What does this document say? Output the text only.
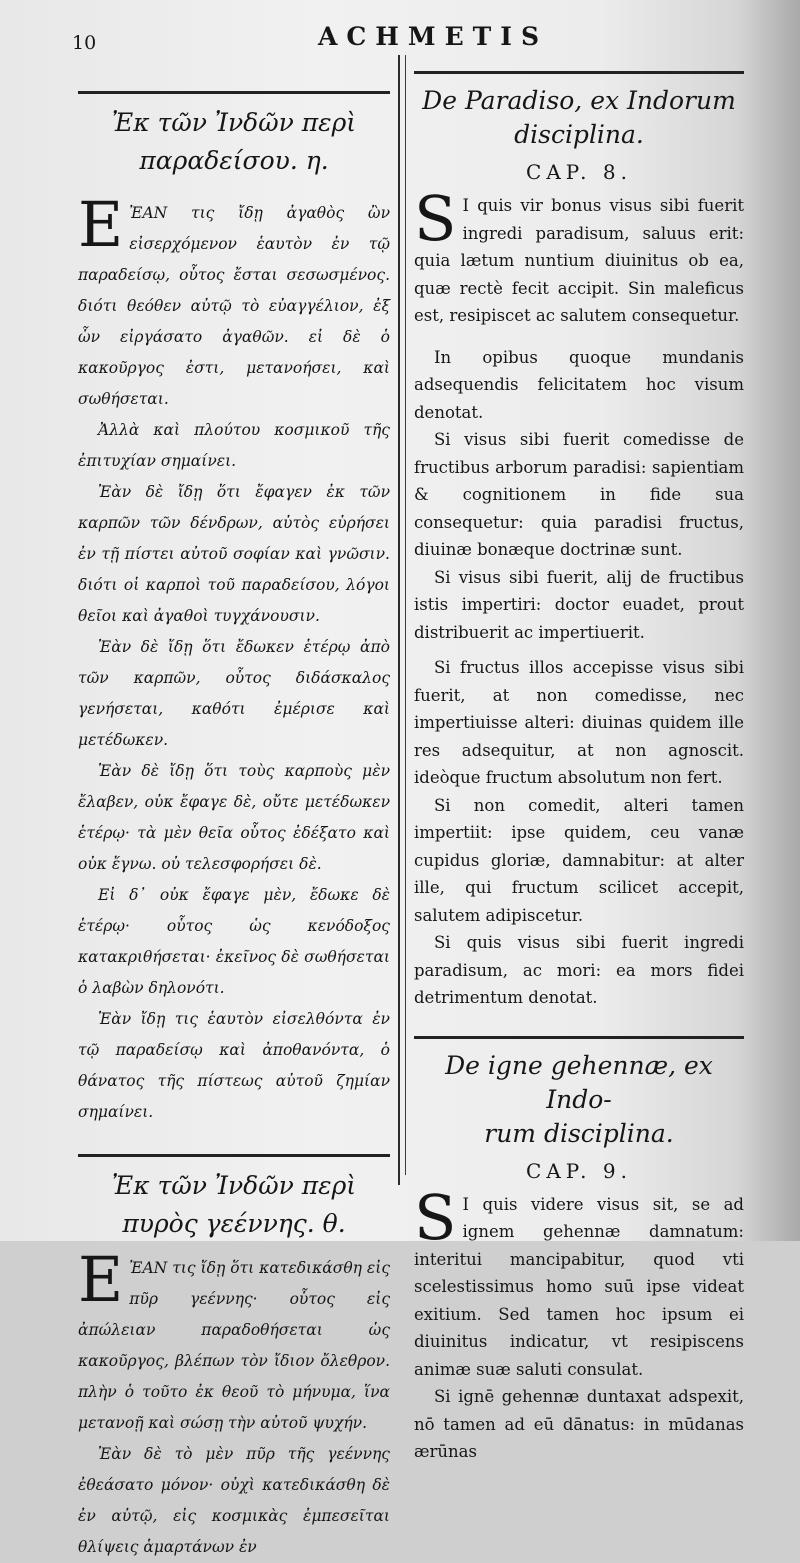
10	ACHMETIS
Ἐκ τῶν Ἰνδῶν περὶ παραδείσου. η.

ΕἘΑΝ τις ἴδῃ ἀγαθὸς ὢν εἰσερχόμενον ἑαυτὸν ἐν τῷ παραδείσῳ, οὗτος ἔσται σεσωσμένος. διότι θεόθεν αὐτῷ τὸ εὐαγγέλιον, ἐξ ὧν εἰργάσατο ἀγαθῶν. εἰ δὲ ὁ κακοῦργος ἐστι, μετανοήσει, καὶ σωθήσεται.

Ἀλλὰ καὶ πλούτου κοσμικοῦ τῆς ἐπιτυχίαν σημαίνει.

Ἐὰν δὲ ἴδῃ ὅτι ἔφαγεν ἐκ τῶν καρπῶν τῶν δένδρων, αὐτὸς εὑρήσει ἐν τῇ πίστει αὐτοῦ σοφίαν καὶ γνῶσιν. διότι οἱ καρποὶ τοῦ παραδείσου, λόγοι θεῖοι καὶ ἀγαθοὶ τυγχάνουσιν.

Ἐὰν δὲ ἴδῃ ὅτι ἔδωκεν ἑτέρῳ ἀπὸ τῶν καρπῶν, οὗτος διδάσκαλος γενήσεται, καθότι ἐμέρισε καὶ μετέδωκεν.

Ἐὰν δὲ ἴδῃ ὅτι τοὺς καρποὺς μὲν ἔλαβεν, οὐκ ἔφαγε δὲ, οὔτε μετέδωκεν ἑτέρῳ· τὰ μὲν θεῖα οὗτος ἐδέξατο καὶ οὐκ ἔγνω. οὐ τελεσφορήσει δὲ.

Εἰ δ᾽ οὐκ ἔφαγε μὲν, ἔδωκε δὲ ἑτέρῳ· οὗτος ὡς κενόδοξος κατακριθήσεται· ἐκεῖνος δὲ σωθήσεται ὁ λαβὼν δηλονότι.

Ἐὰν ἴδῃ τις ἑαυτὸν εἰσελθόντα ἐν τῷ παραδείσῳ καὶ ἀποθανόντα, ὁ θάνατος τῆς πίστεως αὐτοῦ ζημίαν σημαίνει.

Ἐκ τῶν Ἰνδῶν περὶ πυρὸς γεέννης. θ.

ΕἘΑΝ τις ἴδῃ ὅτι κατεδικάσθη εἰς πῦρ γεέννης· οὗτος εἰς ἀπώλειαν παραδοθήσεται ὡς κακοῦργος, βλέπων τὸν ἴδιον ὄλεθρον. πλὴν ὁ τοῦτο ἐκ θεοῦ τὸ μήνυμα, ἵνα μετανοῇ καὶ σώσῃ τὴν αὐτοῦ ψυχήν.

Ἐὰν δὲ τὸ μὲν πῦρ τῆς γεέννης ἐθεάσατο μόνον· οὐχὶ κατεδικάσθη δὲ ἐν αὐτῷ, εἰς κοσμικὰς ἐμπεσεῖται θλίψεις ἁμαρτάνων ἐν

De Paradiso, ex Indorum
disciplina.
CAP. 8.

S I quis vir bonus visus sibi fuerit ingredi paradisum, saluus erit: quia lætum nuntium diuinitus ob ea, quæ rectè fecit accipit. Sin maleficus est, resipiscet ac salutem consequetur.

In opibus quoque mundanis adsequendis felicitatem hoc visum denotat.

Si visus sibi fuerit comedisse de fructibus arborum paradisi: sapientiam & cognitionem in fide sua consequetur: quia paradisi fructus, diuinæ bonæque doctrinæ sunt.

Si visus sibi fuerit, alij de fructibus istis impertiri: doctor euadet, prout distribuerit ac impertiuerit.

Si fructus illos accepisse visus sibi fuerit, at non comedisse, nec impertiuisse alteri: diuinas quidem ille res adsequitur, at non agnoscit. ideòque fructum absolutum non fert.

Si non comedit, alteri tamen impertiit: ipse quidem, ceu vanæ cupidus gloriæ, damnabitur: at alter ille, qui fructum scilicet accepit, salutem adipiscetur.

Si quis visus sibi fuerit ingredi paradisum, ac mori: ea mors fidei detrimentum denotat.

De igne gehennæ, ex Indo-
rum disciplina.
CAP. 9.

S I quis videre visus sit, se ad ignem gehennæ damnatum: interitui mancipabitur, quod vti scelestissimus homo suū ipse videat exitium. Sed tamen hoc ipsum ei diuinitus indicatur, vt resipiscens animæ suæ saluti consulat.

Si ignē gehennæ duntaxat adspexit, nō tamen ad eū dānatus: in mūdanas ærūnas
